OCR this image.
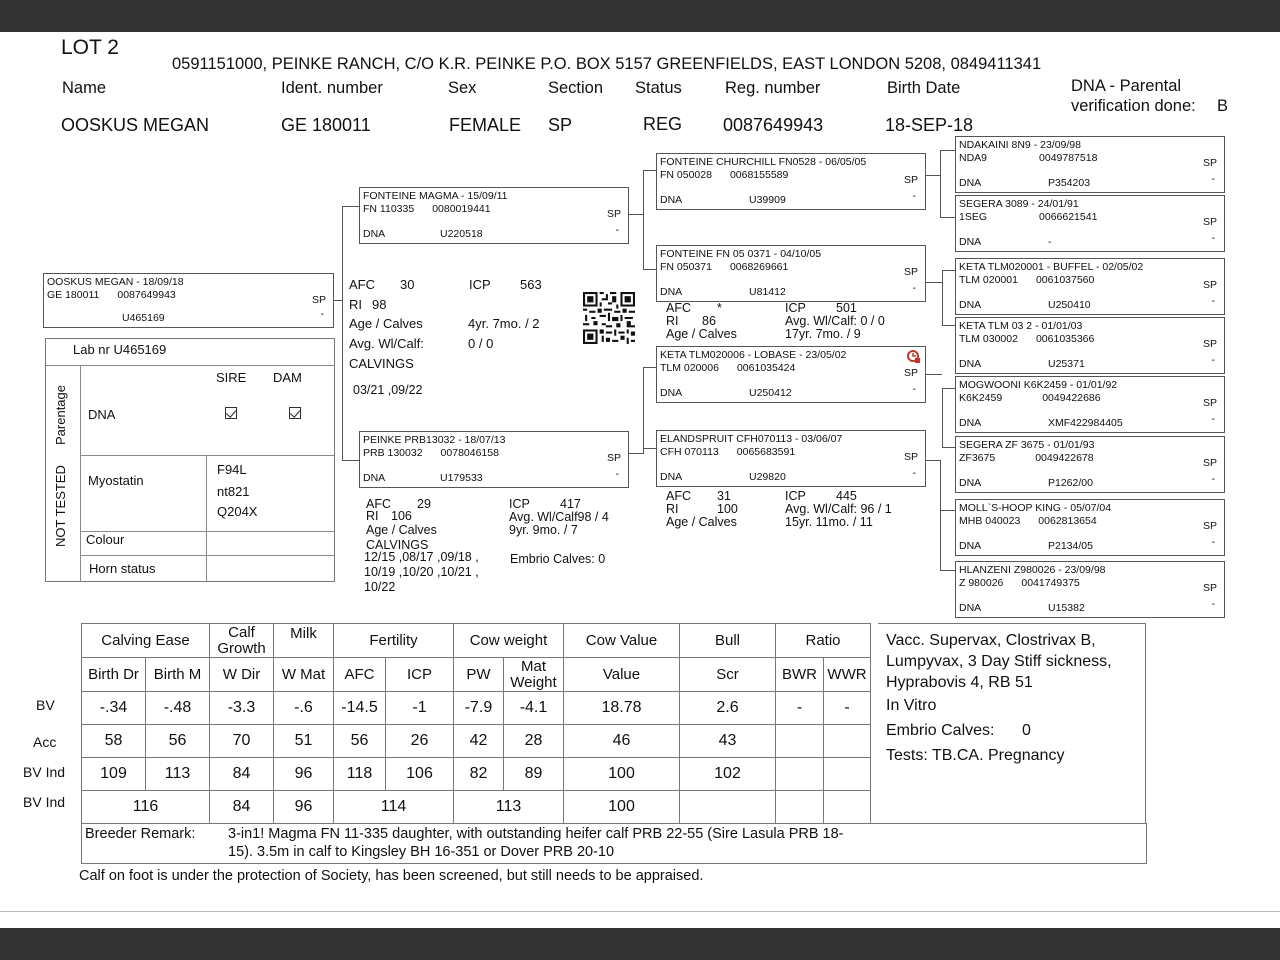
LOT 2
0591151000, PEINKE RANCH, C/O K.R. PEINKE P.O. BOX 5157 GREENFIELDS, EAST LONDON 5208, 0849411341
Name	Ident. number	Sex	Section Status	Reg. number	Birth Date	DNA - Parental
verification done: B
OOSKUS MEGAN	GE 180011	FEMALE SP	REG 0087649943	18-SEP-18
OOSKUS MEGAN - 18/09/18
GE 180011 0087649943	SP
U465169	-
Lab nr U465169
SIRE DAM
DNA
Parentage
NOT TESTED Myostatin
F94L
nt821
Q204X
Colour
Horn status
AFC 30	ICP 563
RI 98
Age / Calves	4yr. 7mo. / 2
Avg. Wl/Calf:	0 / 0
CALVINGS
03/21 ,09/22
FONTEINE MAGMA - 15/09/11
FN 110335 0080019441	SP
DNA	U220518	-
PEINKE PRB13032 - 18/07/13
PRB 130032 0078046158	SP
DNA	U179533	-
AFC 29	ICP 417
RI 106	Avg. Wl/Calf98 / 4
Age / Calves	9yr. 9mo. / 7
CALVINGS
12/15 ,08/17 ,09/18 ,
10/19 ,10/20 ,10/21 ,
10/22
Embrio Calves: 0
FONTEINE CHURCHILL FN0528 - 06/05/05
FN 050028 0068155589	SP
DNA	U39909	-
FONTEINE FN 05 0371 - 04/10/05
FN 050371 0068269661	SP
DNA	U81412	-
AFC *	ICP 501
RI 86	Avg. Wl/Calf: 0 / 0
Age / Calves	17yr. 7mo. / 9
KETA TLM020006 - LOBASE - 23/05/02
TLM 020006 0061035424	SP
DNA	U250412	-
ELANDSPRUIT CFH070113 - 03/06/07
CFH 070113 0065683591	SP
DNA	U29820	-
AFC 31	ICP 445
RI	100	Avg. Wl/Calf: 96 / 1
Age / Calves	15yr. 11mo. / 11
NDAKAINI 8N9 - 23/09/98
NDA9	0049787518	SP
DNA	P354203	-
SEGERA 3089 - 24/01/91
1SEG	0066621541	SP
DNA	-	-
KETA TLM020001 - BUFFEL - 02/05/02
TLM 020001 0061037560	SP
DNA	U250410	-
KETA TLM 03 2 - 01/01/03
TLM 030002 0061035366	SP
DNA	U25371	-
MOGWOONI K6K2459 - 01/01/92
K6K2459	0049422686	SP
DNA	XMF422984405	-
SEGERA ZF 3675 - 01/01/93
ZF3675	0049422678	SP
DNA	P1262/00	-
MOLL`S-HOOP KING - 05/07/04
MHB 040023 0062813654	SP
DNA	P2134/05	-
HLANZENI Z980026 - 23/09/98
Z 980026 0041749375	SP
DNA	U15382	-
BV
Acc
BV Ind
BV Ind
Calving Ease		Calf Growth	Milk	Fertility		Cow weight		Cow Value	Bull	Ratio	
Birth Dr	Birth M	W Dir	W Mat	AFC	ICP	PW	Mat Weight	Value	Scr	BWR	WWR
-.34	-.48	-3.3	-.6	-14.5	-1	-7.9	-4.1	18.78	2.6	-	-
58	56	70	51	56	26	42	28	46	43		
109	113	84	96	118	106	82	89	100	102		
116		84	96	114		113		100			
Vacc. Supervax, Clostrivax B, Lumpyvax, 3 Day Stiff sickness, Hyprabovis 4, RB 51
In Vitro
Embrio Calves: 0
Tests: TB.CA. Pregnancy
Breeder Remark: 3-in1! Magma FN 11-335 daughter, with outstanding heifer calf PRB 22-55 (Sire Lasula PRB 18-
15). 3.5m in calf to Kingsley BH 16-351 or Dover PRB 20-10
Calf on foot is under the protection of Society, has been screened, but still needs to be appraised.
